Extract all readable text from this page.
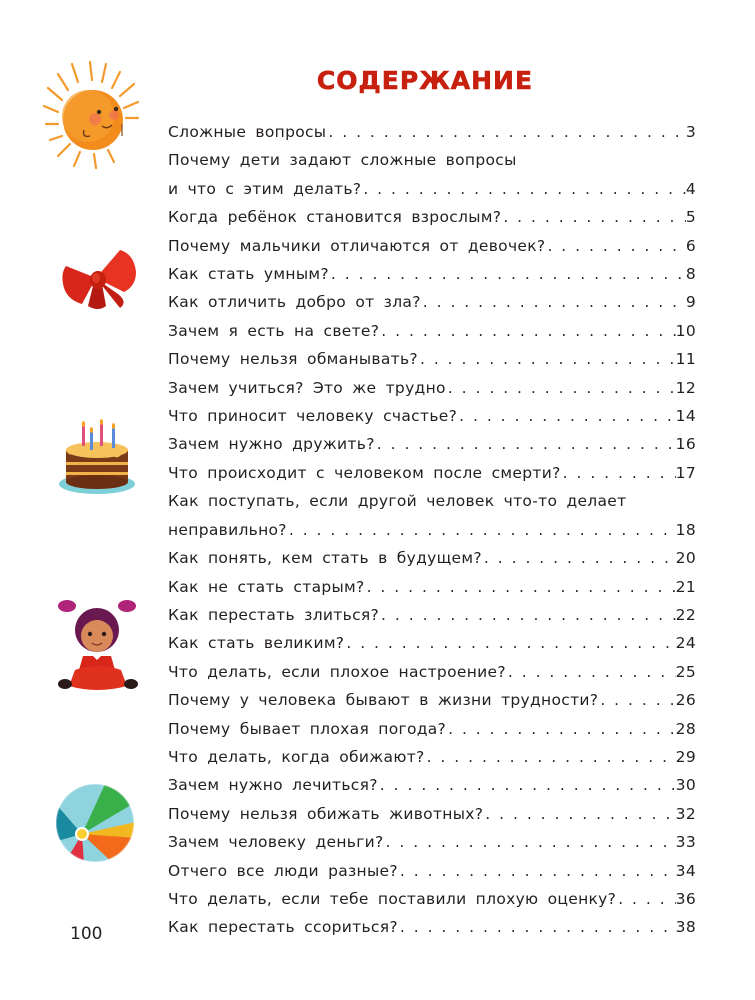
СОДЕРЖАНИЕ
Сложные вопросы . . .	3
Почему дети задают сложные вопросы
и что с этим делать? . . .	4
Когда ребёнок становится взрослым? . . .	5
Почему мальчики отличаются от девочек? . . .	6
Как стать умным? . . .	8
Как отличить добро от зла? . . .	9
Зачем я есть на свете? . . .	10
Почему нельзя обманывать? . . .	11
Зачем учиться? Это же трудно . . .	12
Что приносит человеку счастье? . . .	14
Зачем нужно дружить? . . .	16
Что происходит с человеком после смерти? . . .	17
Как поступать, если другой человек что-то делает
неправильно? . . .	18
Как понять, кем стать в будущем? . . .	20
Как не стать старым? . . .	21
Как перестать злиться? . . .	22
Как стать великим? . . .	24
Что делать, если плохое настроение? . . .	25
Почему у человека бывают в жизни трудности? . . .	26
Почему бывает плохая погода? . . .	28
Что делать, когда обижают? . . .	29
Зачем нужно лечиться? . . .	30
Почему нельзя обижать животных? . . .	32
Зачем человеку деньги? . . .	33
Отчего все люди разные? . . .	34
Что делать, если тебе поставили плохую оценку? . . .	36
Как перестать ссориться? . . .	38
100
